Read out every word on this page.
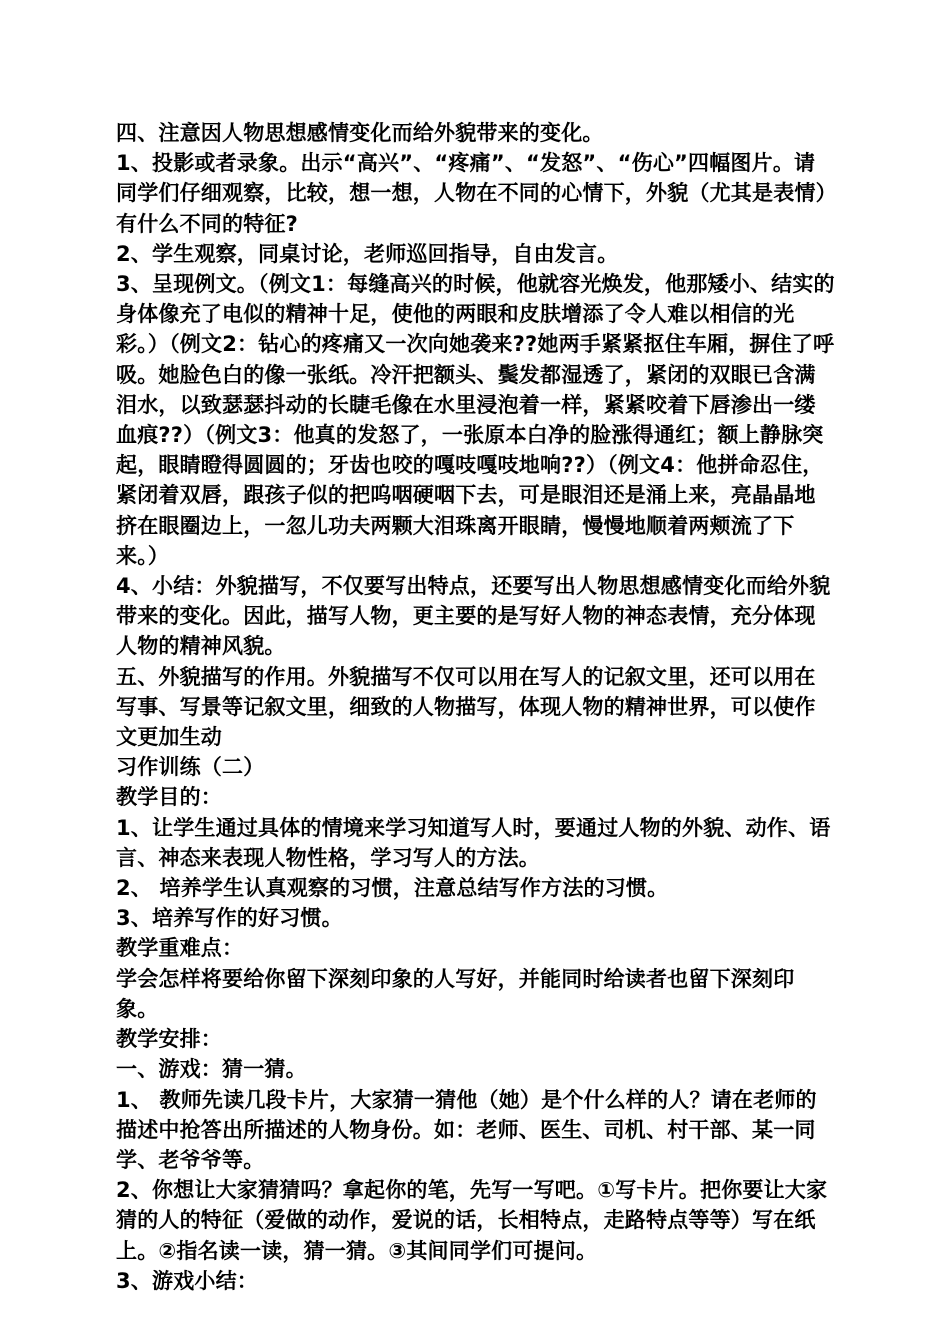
四、注意因人物思想感情变化而给外貌带来的变化。

1、投影或者录象。出示“高兴”、“疼痛”、“发怒”、“伤心”四幅图片。请同学们仔细观察，比较，想一想，人物在不同的心情下，外貌（尤其是表情）有什么不同的特征?

2、学生观察，同桌讨论，老师巡回指导，自由发言。

3、呈现例文。（例文1：每缝高兴的时候，他就容光焕发，他那矮小、结实的身体像充了电似的精神十足，使他的两眼和皮肤增添了令人难以相信的光彩。）（例文2：钻心的疼痛又一次向她袭来??她两手紧紧抠住车厢，摒住了呼吸。她脸色白的像一张纸。冷汗把额头、鬓发都湿透了，紧闭的双眼已含满泪水，以致瑟瑟抖动的长睫毛像在水里浸泡着一样，紧紧咬着下唇渗出一缕血痕??）（例文3：他真的发怒了，一张原本白净的脸涨得通红；额上静脉突起，眼睛瞪得圆圆的；牙齿也咬的嘎吱嘎吱地响??）（例文4：他拼命忍住，紧闭着双唇，跟孩子似的把呜咽硬咽下去，可是眼泪还是涌上来，亮晶晶地挤在眼圈边上，一忽儿功夫两颗大泪珠离开眼睛，慢慢地顺着两颊流了下来。）

4、小结：外貌描写，不仅要写出特点，还要写出人物思想感情变化而给外貌带来的变化。因此，描写人物，更主要的是写好人物的神态表情，充分体现人物的精神风貌。

五、外貌描写的作用。外貌描写不仅可以用在写人的记叙文里，还可以用在写事、写景等记叙文里，细致的人物描写，体现人物的精神世界，可以使作文更加生动

习作训练（二）

教学目的：

1、让学生通过具体的情境来学习知道写人时，要通过人物的外貌、动作、语言、神态来表现人物性格，学习写人的方法。

2、 培养学生认真观察的习惯，注意总结写作方法的习惯。

3、培养写作的好习惯。

教学重难点：

学会怎样将要给你留下深刻印象的人写好，并能同时给读者也留下深刻印象。

教学安排：

一、游戏：猜一猜。

1、 教师先读几段卡片，大家猜一猜他（她）是个什么样的人？请在老师的描述中抢答出所描述的人物身份。如：老师、医生、司机、村干部、某一同学、老爷爷等。

2、你想让大家猜猜吗？拿起你的笔，先写一写吧。①写卡片。把你要让大家猜的人的特征（爱做的动作，爱说的话，长相特点，走路特点等等）写在纸上。②指名读一读，猜一猜。③其间同学们可提问。

3、游戏小结：
